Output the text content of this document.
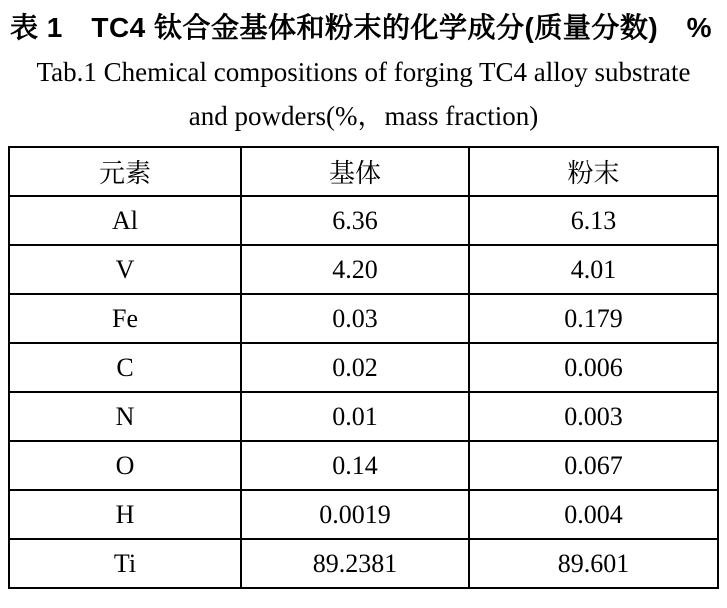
表 1　TC4 钛合金基体和粉末的化学成分(质量分数)　%
Tab.1 Chemical compositions of forging TC4 alloy substrate
and powders(%，mass fraction)
元素	基体	粉末
Al	6.36	6.13
V	4.20	4.01
Fe	0.03	0.179
C	0.02	0.006
N	0.01	0.003
O	0.14	0.067
H	0.0019	0.004
Ti	89.2381	89.601
